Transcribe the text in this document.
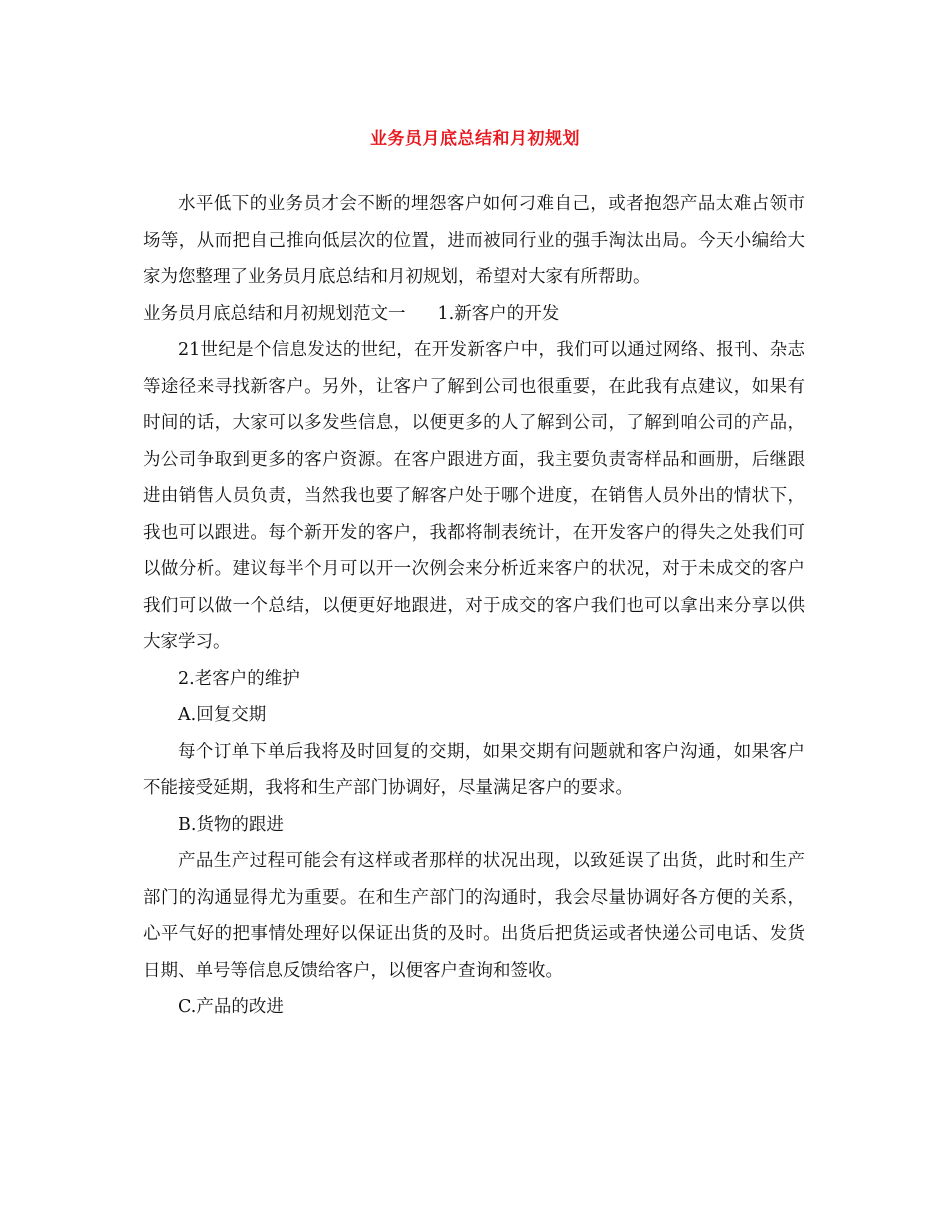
业务员月底总结和月初规划

水平低下的业务员才会不断的埋怨客户如何刁难自己，或者抱怨产品太难占领市场等，从而把自己推向低层次的位置，进而被同行业的强手淘汰出局。今天小编给大家为您整理了业务员月底总结和月初规划，希望对大家有所帮助。

业务员月底总结和月初规划范文一 1.新客户的开发

21世纪是个信息发达的世纪，在开发新客户中，我们可以通过网络、报刊、杂志等途径来寻找新客户。另外，让客户了解到公司也很重要，在此我有点建议，如果有时间的话，大家可以多发些信息，以便更多的人了解到公司，了解到咱公司的产品，为公司争取到更多的客户资源。在客户跟进方面，我主要负责寄样品和画册，后继跟进由销售人员负责，当然我也要了解客户处于哪个进度，在销售人员外出的情状下，我也可以跟进。每个新开发的客户，我都将制表统计，在开发客户的得失之处我们可以做分析。建议每半个月可以开一次例会来分析近来客户的状况，对于未成交的客户我们可以做一个总结，以便更好地跟进，对于成交的客户我们也可以拿出来分享以供大家学习。

2.老客户的维护

A.回复交期

每个订单下单后我将及时回复的交期，如果交期有问题就和客户沟通，如果客户不能接受延期，我将和生产部门协调好，尽量满足客户的要求。

B.货物的跟进

产品生产过程可能会有这样或者那样的状况出现，以致延误了出货，此时和生产部门的沟通显得尤为重要。在和生产部门的沟通时，我会尽量协调好各方便的关系，心平气好的把事情处理好以保证出货的及时。出货后把货运或者快递公司电话、发货日期、单号等信息反馈给客户，以便客户查询和签收。

C.产品的改进
